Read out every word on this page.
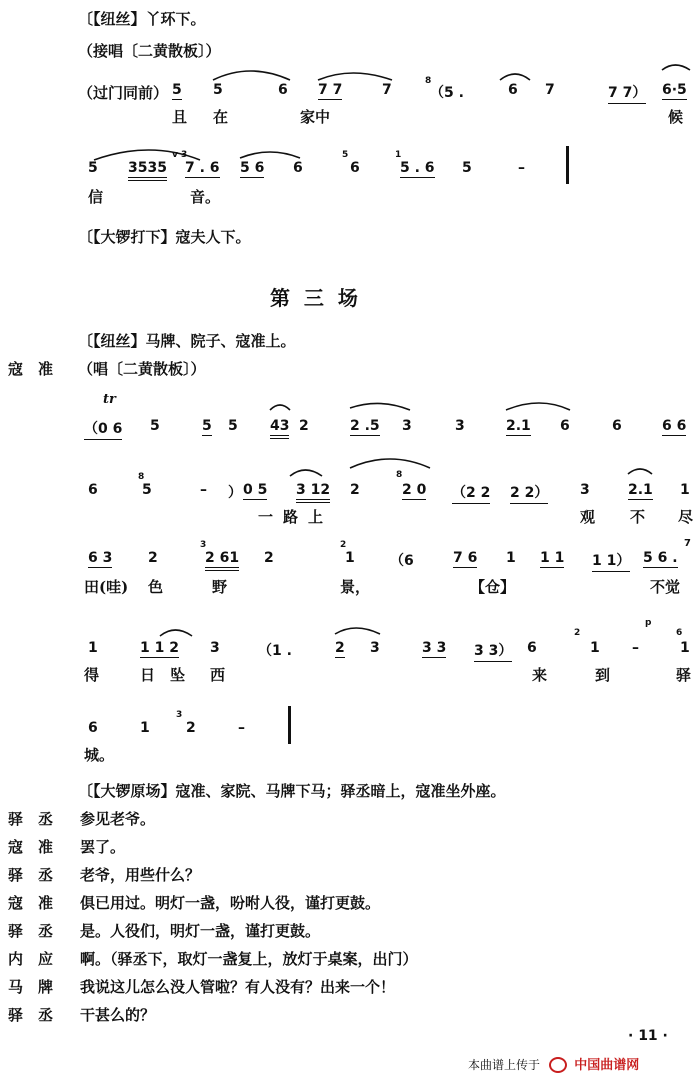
〔【纽丝】丫环下。
（接唱〔二黄散板〕）
（过门同前） 5 5	6 7 7	7	（5 .	6 7	7 7） 6·5
且 在	家中	候
5 3535 7 . 6 5 6 6	6	5 . 6 5	–
信	音。
〔【大锣打下】寇夫人下。
第  三  场
〔【纽丝】马牌、院子、寇准上。
寇　准 （唱〔二黄散板〕）
tr
（0 6 5	5 5 43 2	2 .5 3	3	2.1 6	6	6 6
6	5	– ） 0 5 3 12 2	2 0 （2 2 2 2） 3	2.1 1
一路上	观 不 尽
6 3	2	2 61 2	1	（6	7 6 1 1 1 1 1） 5 6 .
7
田(哇) 色	野	景，	【仓】	不觉
1	1 1 2 3	（1 .	2 3	3 3 3 3） 6	1 –	1
得	日 坠 西	来	到	驿
6	1	2	–
城。
8
v 3	5	1
8	8
3	2
2
p
6
3
〔【大锣原场】寇准、家院、马牌下马；驿丞暗上，寇准坐外座。
驿　丞 参见老爷。
寇　准 罢了。
驿　丞 老爷，用些什么？
寇　准 俱已用过。明灯一盏，吩咐人役，谨打更鼓。
驿　丞 是。人役们，明灯一盏，谨打更鼓。
内　应 啊。（驿丞下，取灯一盏复上，放灯于桌案，出门）
马　牌 我说这儿怎么没人管啦？有人没有？出来一个！
驿　丞 干甚么的？
· 11 ·
本曲谱上传于	中国曲谱网
